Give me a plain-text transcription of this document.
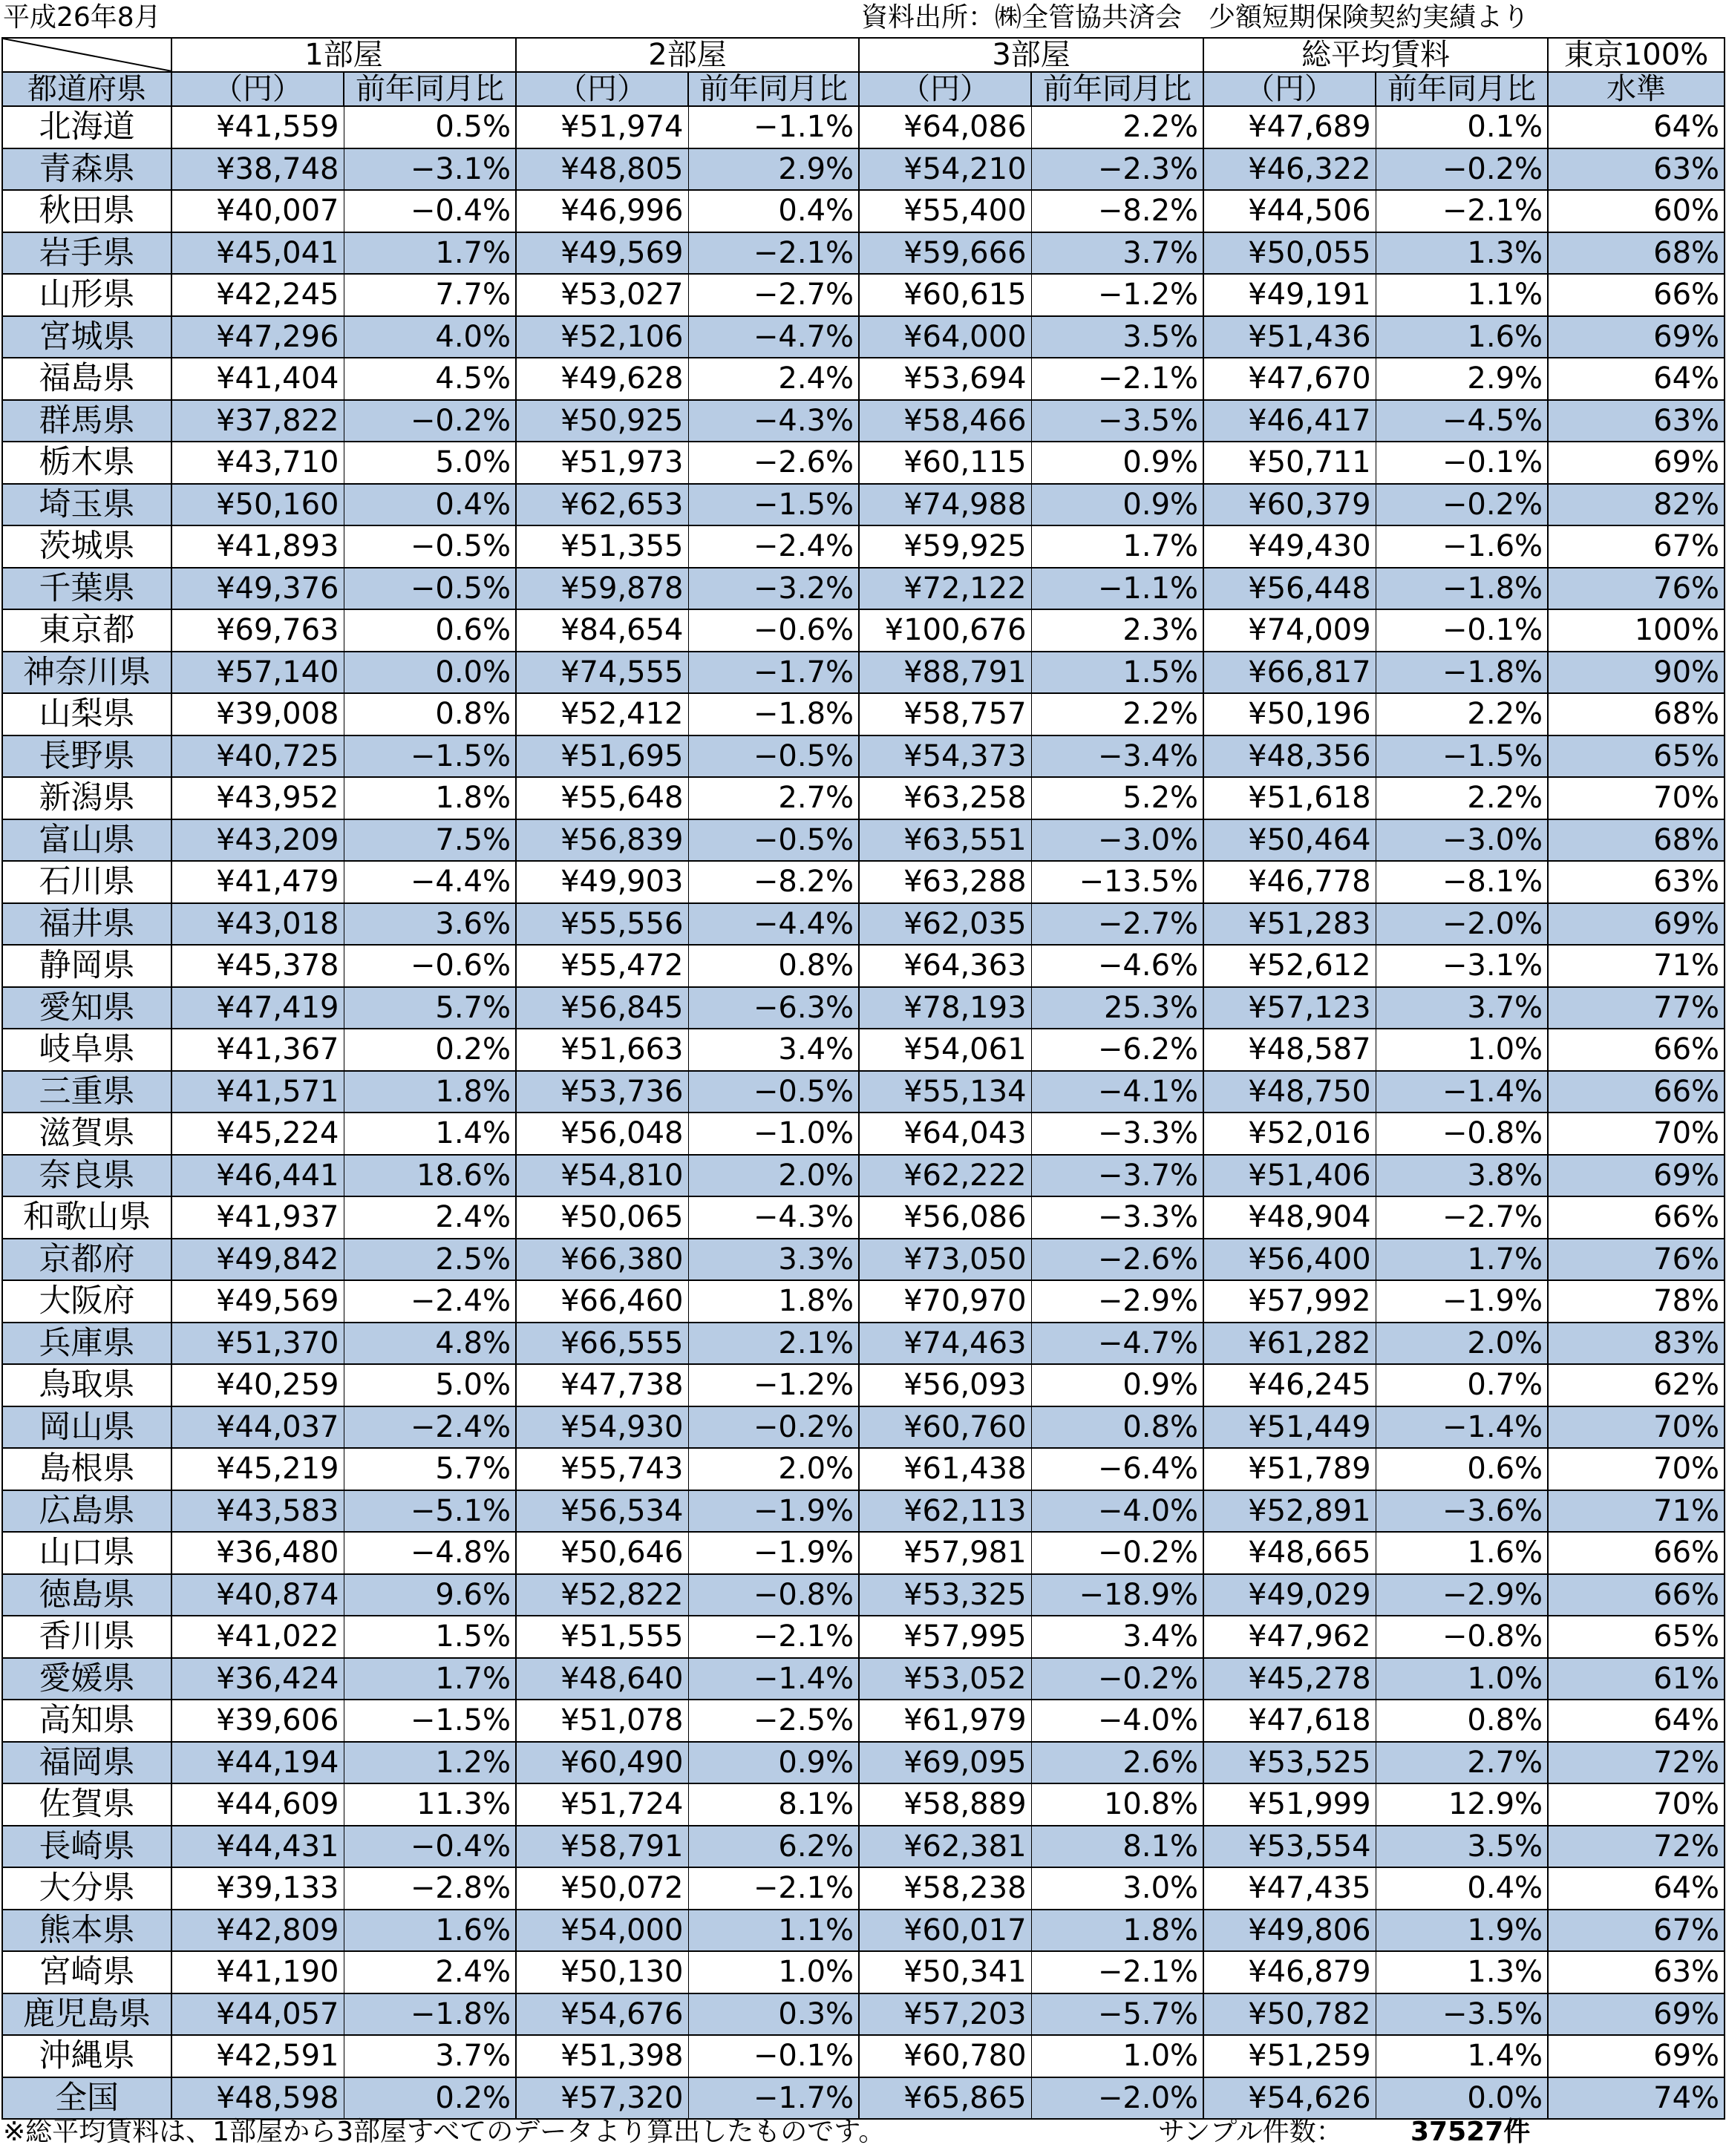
平成26年8月	資料出所：㈱全管協共済会　少額短期保険契約実績より
	1部屋		2部屋		3部屋		総平均賃料		東京100%
都道府県	（円）	前年同月比	（円）	前年同月比	（円）	前年同月比	（円）	前年同月比	水準
北海道	¥41,559	0.5%	¥51,974	−1.1%	¥64,086	2.2%	¥47,689	0.1%	64%
青森県	¥38,748	−3.1%	¥48,805	2.9%	¥54,210	−2.3%	¥46,322	−0.2%	63%
秋田県	¥40,007	−0.4%	¥46,996	0.4%	¥55,400	−8.2%	¥44,506	−2.1%	60%
岩手県	¥45,041	1.7%	¥49,569	−2.1%	¥59,666	3.7%	¥50,055	1.3%	68%
山形県	¥42,245	7.7%	¥53,027	−2.7%	¥60,615	−1.2%	¥49,191	1.1%	66%
宮城県	¥47,296	4.0%	¥52,106	−4.7%	¥64,000	3.5%	¥51,436	1.6%	69%
福島県	¥41,404	4.5%	¥49,628	2.4%	¥53,694	−2.1%	¥47,670	2.9%	64%
群馬県	¥37,822	−0.2%	¥50,925	−4.3%	¥58,466	−3.5%	¥46,417	−4.5%	63%
栃木県	¥43,710	5.0%	¥51,973	−2.6%	¥60,115	0.9%	¥50,711	−0.1%	69%
埼玉県	¥50,160	0.4%	¥62,653	−1.5%	¥74,988	0.9%	¥60,379	−0.2%	82%
茨城県	¥41,893	−0.5%	¥51,355	−2.4%	¥59,925	1.7%	¥49,430	−1.6%	67%
千葉県	¥49,376	−0.5%	¥59,878	−3.2%	¥72,122	−1.1%	¥56,448	−1.8%	76%
東京都	¥69,763	0.6%	¥84,654	−0.6%	¥100,676	2.3%	¥74,009	−0.1%	100%
神奈川県	¥57,140	0.0%	¥74,555	−1.7%	¥88,791	1.5%	¥66,817	−1.8%	90%
山梨県	¥39,008	0.8%	¥52,412	−1.8%	¥58,757	2.2%	¥50,196	2.2%	68%
長野県	¥40,725	−1.5%	¥51,695	−0.5%	¥54,373	−3.4%	¥48,356	−1.5%	65%
新潟県	¥43,952	1.8%	¥55,648	2.7%	¥63,258	5.2%	¥51,618	2.2%	70%
富山県	¥43,209	7.5%	¥56,839	−0.5%	¥63,551	−3.0%	¥50,464	−3.0%	68%
石川県	¥41,479	−4.4%	¥49,903	−8.2%	¥63,288	−13.5%	¥46,778	−8.1%	63%
福井県	¥43,018	3.6%	¥55,556	−4.4%	¥62,035	−2.7%	¥51,283	−2.0%	69%
静岡県	¥45,378	−0.6%	¥55,472	0.8%	¥64,363	−4.6%	¥52,612	−3.1%	71%
愛知県	¥47,419	5.7%	¥56,845	−6.3%	¥78,193	25.3%	¥57,123	3.7%	77%
岐阜県	¥41,367	0.2%	¥51,663	3.4%	¥54,061	−6.2%	¥48,587	1.0%	66%
三重県	¥41,571	1.8%	¥53,736	−0.5%	¥55,134	−4.1%	¥48,750	−1.4%	66%
滋賀県	¥45,224	1.4%	¥56,048	−1.0%	¥64,043	−3.3%	¥52,016	−0.8%	70%
奈良県	¥46,441	18.6%	¥54,810	2.0%	¥62,222	−3.7%	¥51,406	3.8%	69%
和歌山県	¥41,937	2.4%	¥50,065	−4.3%	¥56,086	−3.3%	¥48,904	−2.7%	66%
京都府	¥49,842	2.5%	¥66,380	3.3%	¥73,050	−2.6%	¥56,400	1.7%	76%
大阪府	¥49,569	−2.4%	¥66,460	1.8%	¥70,970	−2.9%	¥57,992	−1.9%	78%
兵庫県	¥51,370	4.8%	¥66,555	2.1%	¥74,463	−4.7%	¥61,282	2.0%	83%
鳥取県	¥40,259	5.0%	¥47,738	−1.2%	¥56,093	0.9%	¥46,245	0.7%	62%
岡山県	¥44,037	−2.4%	¥54,930	−0.2%	¥60,760	0.8%	¥51,449	−1.4%	70%
島根県	¥45,219	5.7%	¥55,743	2.0%	¥61,438	−6.4%	¥51,789	0.6%	70%
広島県	¥43,583	−5.1%	¥56,534	−1.9%	¥62,113	−4.0%	¥52,891	−3.6%	71%
山口県	¥36,480	−4.8%	¥50,646	−1.9%	¥57,981	−0.2%	¥48,665	1.6%	66%
徳島県	¥40,874	9.6%	¥52,822	−0.8%	¥53,325	−18.9%	¥49,029	−2.9%	66%
香川県	¥41,022	1.5%	¥51,555	−2.1%	¥57,995	3.4%	¥47,962	−0.8%	65%
愛媛県	¥36,424	1.7%	¥48,640	−1.4%	¥53,052	−0.2%	¥45,278	1.0%	61%
高知県	¥39,606	−1.5%	¥51,078	−2.5%	¥61,979	−4.0%	¥47,618	0.8%	64%
福岡県	¥44,194	1.2%	¥60,490	0.9%	¥69,095	2.6%	¥53,525	2.7%	72%
佐賀県	¥44,609	11.3%	¥51,724	8.1%	¥58,889	10.8%	¥51,999	12.9%	70%
長崎県	¥44,431	−0.4%	¥58,791	6.2%	¥62,381	8.1%	¥53,554	3.5%	72%
大分県	¥39,133	−2.8%	¥50,072	−2.1%	¥58,238	3.0%	¥47,435	0.4%	64%
熊本県	¥42,809	1.6%	¥54,000	1.1%	¥60,017	1.8%	¥49,806	1.9%	67%
宮崎県	¥41,190	2.4%	¥50,130	1.0%	¥50,341	−2.1%	¥46,879	1.3%	63%
鹿児島県	¥44,057	−1.8%	¥54,676	0.3%	¥57,203	−5.7%	¥50,782	−3.5%	69%
沖縄県	¥42,591	3.7%	¥51,398	−0.1%	¥60,780	1.0%	¥51,259	1.4%	69%
全国	¥48,598	0.2%	¥57,320	−1.7%	¥65,865	−2.0%	¥54,626	0.0%	74%
※総平均賃料は、1部屋から3部屋すべてのデータより算出したものです。	サンプル件数：	37527件
